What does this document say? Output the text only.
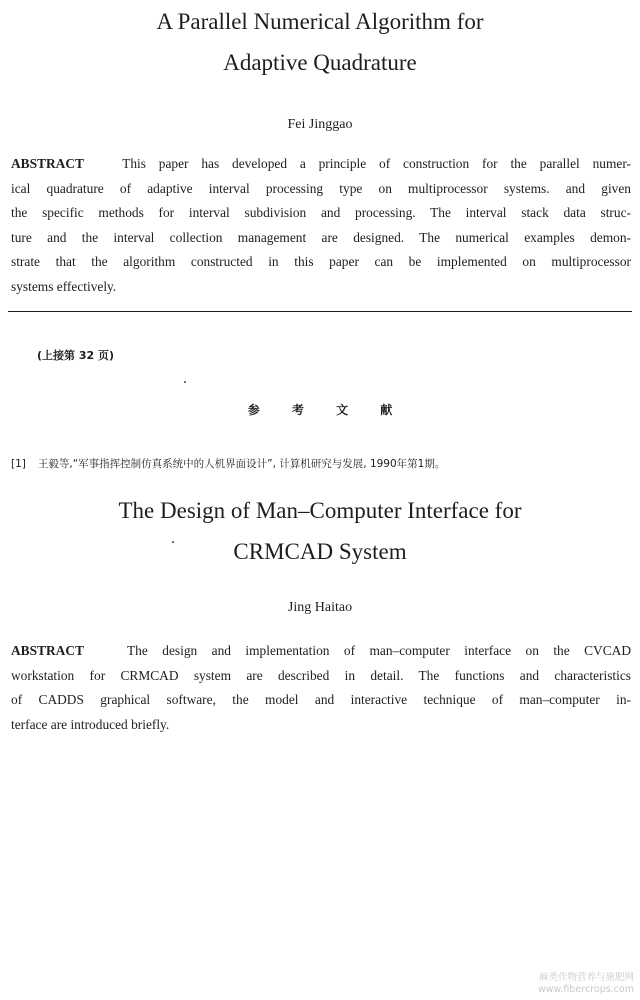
A Parallel Numerical Algorithm for
Adaptive Quadrature

Fei Jinggao

ABSTRACT	This paper has developed a principle of construction for the parallel numer-
ical quadrature of adaptive interval processing type on multiprocessor systems. and given
the specific methods for interval subdivision and processing. The interval stack data struc-
ture and the interval collection management are designed. The numerical examples demon-
strate that the algorithm constructed in this paper can be implemented on multiprocessor
systems effectively.

(上接第 32 页)

参 考 文 献

[1] 王毅等,“军事指挥控制仿真系统中的人机界面设计”, 计算机研究与发展, 1990年第1期。

The Design of Man–Computer Interface for
CRMCAD System

Jing Haitao

ABSTRACT	The design and implementation of man–computer interface on the CVCAD
workstation for CRMCAD system are described in detail. The functions and characteristics
of CADDS graphical software, the model and interactive technique of man–computer in-
terface are introduced briefly.
麻类作物营养与施肥网
www.fibercrops.com
